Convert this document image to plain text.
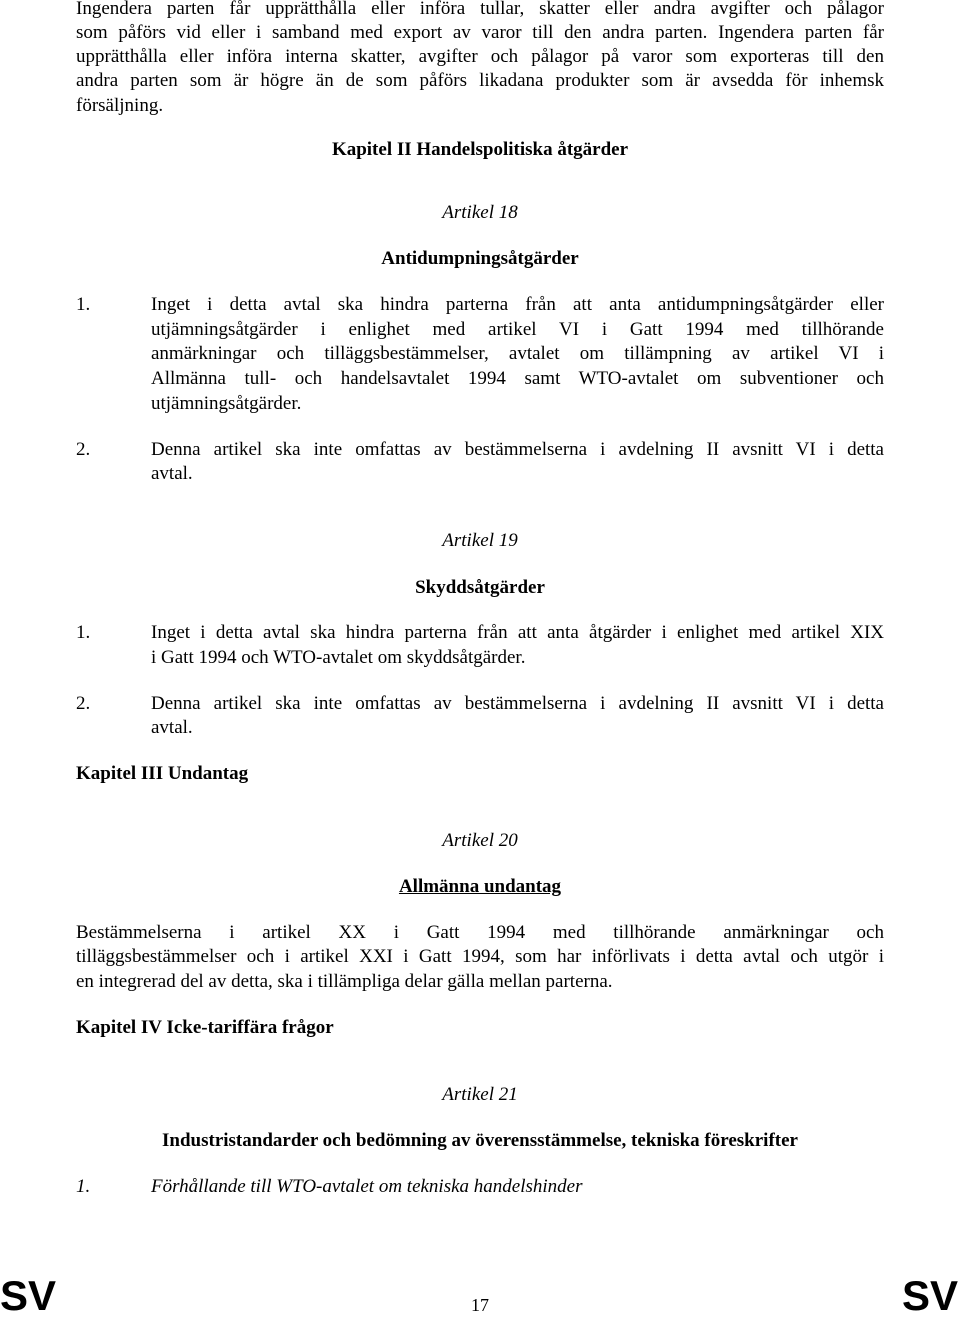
Ingendera parten får upprätthålla eller införa tullar, skatter eller andra avgifter och pålagor
som påförs vid eller i samband med export av varor till den andra parten. Ingendera parten får
upprätthålla eller införa interna skatter, avgifter och pålagor på varor som exporteras till den
andra parten som är högre än de som påförs likadana produkter som är avsedda för inhemsk
försäljning.
Kapitel II Handelspolitiska åtgärder
Artikel 18
Antidumpningsåtgärder
1.	Inget i detta avtal ska hindra parterna från att anta antidumpningsåtgärder eller
utjämningsåtgärder i enlighet med artikel VI i Gatt 1994 med tillhörande
anmärkningar och tilläggsbestämmelser, avtalet om tillämpning av artikel VI i
Allmänna tull- och handelsavtalet 1994 samt WTO-avtalet om subventioner och
utjämningsåtgärder.
2.	Denna artikel ska inte omfattas av bestämmelserna i avdelning II avsnitt VI i detta
avtal.
Artikel 19
Skyddsåtgärder
1.	Inget i detta avtal ska hindra parterna från att anta åtgärder i enlighet med artikel XIX
i Gatt 1994 och WTO-avtalet om skyddsåtgärder.
2.	Denna artikel ska inte omfattas av bestämmelserna i avdelning II avsnitt VI i detta
avtal.
Kapitel III Undantag
Artikel 20
Allmänna undantag
Bestämmelserna i artikel XX i Gatt 1994 med tillhörande anmärkningar och
tilläggsbestämmelser och i artikel XXI i Gatt 1994, som har införlivats i detta avtal och utgör i
en integrerad del av detta, ska i tillämpliga delar gälla mellan parterna.
Kapitel IV Icke-tariffära frågor
Artikel 21
Industristandarder och bedömning av överensstämmelse, tekniska föreskrifter
1.	Förhållande till WTO-avtalet om tekniska handelshinder
SV	17	SV
